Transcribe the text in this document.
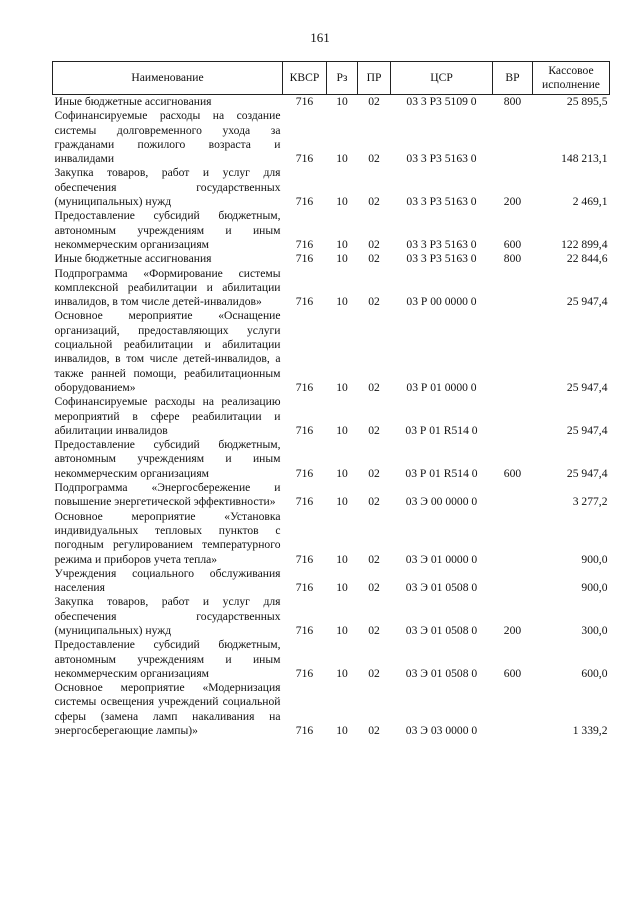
161
Наименование	КВСР	Рз	ПР	ЦСР	ВР	Кассовое исполнение
Иные бюджетные ассигнования	716	10	02	03 3 Р3 5109 0	800	25 895,5
Софинансируемые расходы на создание системы долговременного ухода за гражданами пожилого возраста и инвалидами	716	10	02	03 3 Р3 5163 0		148 213,1
Закупка товаров, работ и услуг для обеспечения государственных (муниципальных) нужд	716	10	02	03 3 Р3 5163 0	200	2 469,1
Предоставление субсидий бюджетным, автономным учреждениям и иным некоммерческим организациям	716	10	02	03 3 Р3 5163 0	600	122 899,4
Иные бюджетные ассигнования	716	10	02	03 3 Р3 5163 0	800	22 844,6
Подпрограмма «Формирование системы комплексной реабилитации и абилитации инвалидов, в том числе детей-инвалидов»	716	10	02	03 Р 00 0000 0		25 947,4
Основное мероприятие «Оснащение организаций, предоставляющих услуги социальной реабилитации и абилитации инвалидов, в том числе детей-инвалидов, а также ранней помощи, реабилитационным оборудованием»	716	10	02	03 Р 01 0000 0		25 947,4
Софинансируемые расходы на реализацию мероприятий в сфере реабилитации и абилитации инвалидов	716	10	02	03 Р 01 R514 0		25 947,4
Предоставление субсидий бюджетным, автономным учреждениям и иным некоммерческим организациям	716	10	02	03 Р 01 R514 0	600	25 947,4
Подпрограмма «Энергосбережение и повышение энергетической эффективности»	716	10	02	03 Э 00 0000 0		3 277,2
Основное мероприятие «Установка индивидуальных тепловых пунктов с погодным регулированием температурного режима и приборов учета тепла»	716	10	02	03 Э 01 0000 0		900,0
Учреждения социального обслуживания населения	716	10	02	03 Э 01 0508 0		900,0
Закупка товаров, работ и услуг для обеспечения государственных (муниципальных) нужд	716	10	02	03 Э 01 0508 0	200	300,0
Предоставление субсидий бюджетным, автономным учреждениям и иным некоммерческим организациям	716	10	02	03 Э 01 0508 0	600	600,0
Основное мероприятие «Модернизация системы освещения учреждений социальной сферы (замена ламп накаливания на энергосберегающие лампы)»	716	10	02	03 Э 03 0000 0		1 339,2
